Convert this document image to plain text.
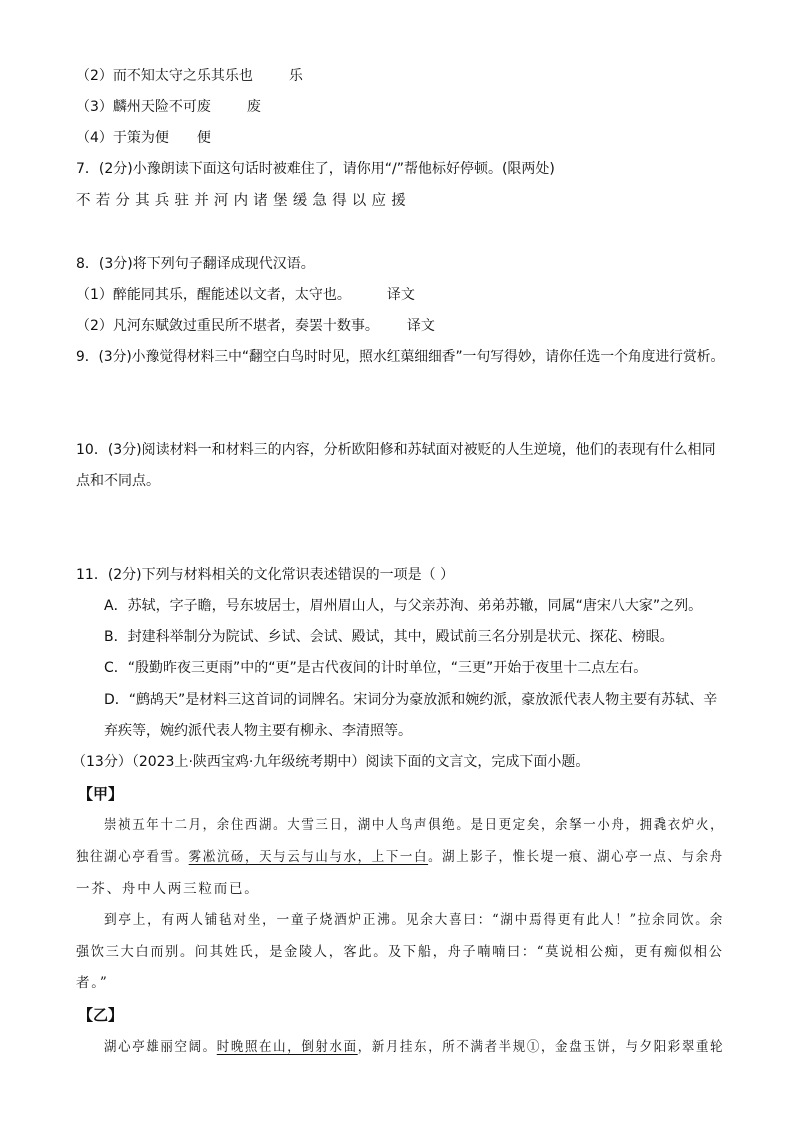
（2）而不知太守之乐其乐也	乐
（3）麟州天险不可废	废
（4）于策为便 便
7．(2分)小豫朗读下面这句话时被难住了，请你用“/”帮他标好停顿。(限两处)
不若分其兵驻并河内诸堡缓急得以应援
8．(3分)将下列句子翻译成现代汉语。
（1）醉能同其乐，醒能述以文者，太守也。	译文
（2）凡河东赋敛过重民所不堪者，奏罢十数事。 译文
9．(3分)小豫觉得材料三中“翻空白鸟时时见，照水红蕖细细香”一句写得妙，请你任选一个角度进行赏析。
10．(3分)阅读材料一和材料三的内容，分析欧阳修和苏轼面对被贬的人生逆境，他们的表现有什么相同
点和不同点。
11．(2分)下列与材料相关的文化常识表述错误的一项是（ ）
A．苏轼，字子瞻，号东坡居士，眉州眉山人，与父亲苏洵、弟弟苏辙，同属“唐宋八大家”之列。
B．封建科举制分为院试、乡试、会试、殿试，其中，殿试前三名分别是状元、探花、榜眼。
C．“殷勤昨夜三更雨”中的“更”是古代夜间的计时单位，“三更”开始于夜里十二点左右。
D．“鹧鸪天”是材料三这首词的词牌名。宋词分为豪放派和婉约派，豪放派代表人物主要有苏轼、辛
弃疾等，婉约派代表人物主要有柳永、李清照等。
（13分）（2023上·陕西宝鸡·九年级统考期中）阅读下面的文言文，完成下面小题。
【甲】
崇祯五年十二月，余住西湖。大雪三日，湖中人鸟声俱绝。是日更定矣，余拏一小舟，拥毳衣炉火，
独往湖心亭看雪。雾凇沆砀，天与云与山与水，上下一白。湖上影子，惟长堤一痕、湖心亭一点、与余舟
一芥、舟中人两三粒而已。
到亭上，有两人铺毡对坐，一童子烧酒炉正沸。见余大喜曰：“湖中焉得更有此人！”拉余同饮。余
强饮三大白而别。问其姓氏，是金陵人，客此。及下船，舟子喃喃曰：“莫说相公痴，更有痴似相公
者。”
【乙】
湖心亭雄丽空阔。时晚照在山，倒射水面，新月挂东，所不满者半规①，金盘玉饼，与夕阳彩翠重轮
